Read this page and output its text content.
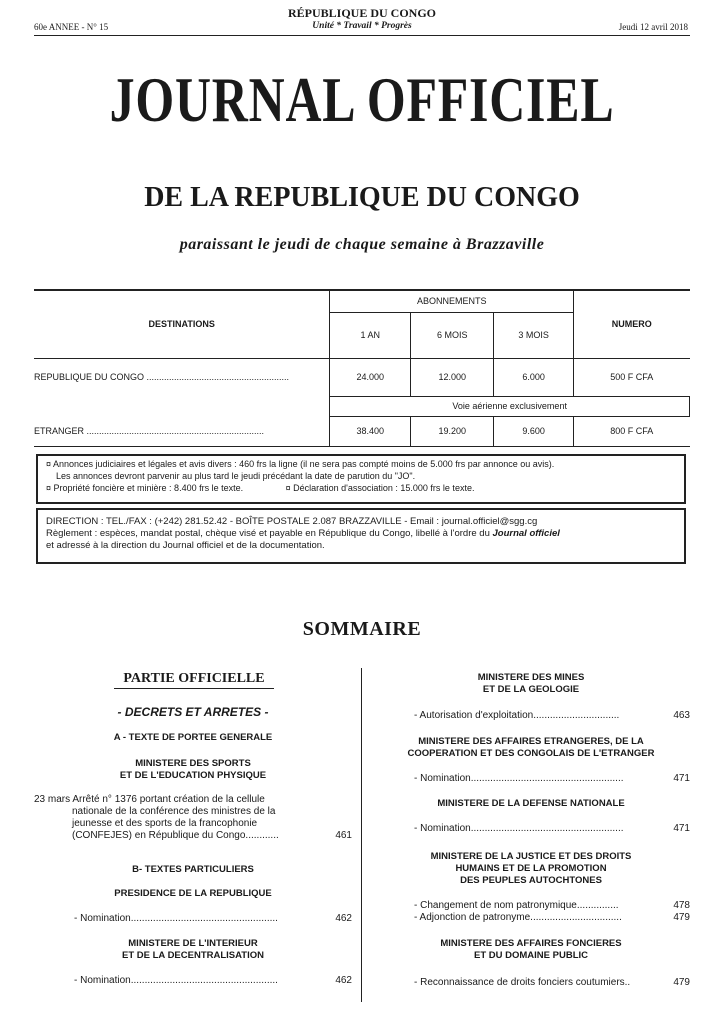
RÉPUBLIQUE DU CONGO
Unité * Travail * Progrès
60e ANNEE - N° 15	Jeudi 12 avril 2018
JOURNAL OFFICIEL
DE LA REPUBLIQUE DU CONGO
paraissant le jeudi de chaque semaine à Brazzaville
DESTINATIONS	ABONNEMENTS			NUMERO
	1 AN	6 MOIS	3 MOIS	
REPUBLIQUE DU CONGO .........................................................	24.000	12.000	6.000	500 F CFA
	Voie aérienne exclusivement			
ETRANGER .......................................................................	38.400	19.200	9.600	800 F CFA
¤ Annonces judiciaires et légales et avis divers : 460 frs la ligne (il ne sera pas compté moins de 5.000 frs par annonce ou avis).
Les annonces devront parvenir au plus tard le jeudi précédant la date de parution du "JO".
¤ Propriété foncière et minière : 8.400 frs le texte.	¤ Déclaration d'association : 15.000 frs le texte.
DIRECTION : TEL./FAX : (+242) 281.52.42 - BOÎTE POSTALE 2.087 BRAZZAVILLE - Email : journal.officiel@sgg.cg
Règlement : espèces, mandat postal, chèque visé et payable en République du Congo, libellé à l'ordre du Journal officiel
et adressé à la direction du Journal officiel et de la documentation.
SOMMAIRE
PARTIE OFFICIELLE
- DECRETS ET ARRETES -
A - TEXTE DE PORTEE GENERALE
MINISTERE DES SPORTS
ET DE L'EDUCATION PHYSIQUE
23 mars Arrêté n° 1376 portant création de la cellule
nationale de la conférence des ministres de la
jeunesse et des sports de la francophonie
(CONFEJES) en République du Congo............	461
B- TEXTES PARTICULIERS
PRESIDENCE DE LA REPUBLIQUE
- Nomination.....................................................	462
MINISTERE DE L'INTERIEUR
ET DE LA DECENTRALISATION
- Nomination.....................................................	462
MINISTERE DES MINES
ET DE LA GEOLOGIE
- Autorisation d'exploitation...............................	463
MINISTERE DES AFFAIRES ETRANGERES, DE LA
COOPERATION ET DES CONGOLAIS DE L'ETRANGER
- Nomination.......................................................	471
MINISTERE DE LA DEFENSE NATIONALE
- Nomination.......................................................	471
MINISTERE DE LA JUSTICE ET DES DROITS
HUMAINS ET DE LA PROMOTION
DES PEUPLES AUTOCHTONES
- Changement de nom patronymique...............	478
- Adjonction de patronyme.................................	479
MINISTERE DES AFFAIRES FONCIERES
ET DU DOMAINE PUBLIC
- Reconnaissance de droits fonciers coutumiers..	479
